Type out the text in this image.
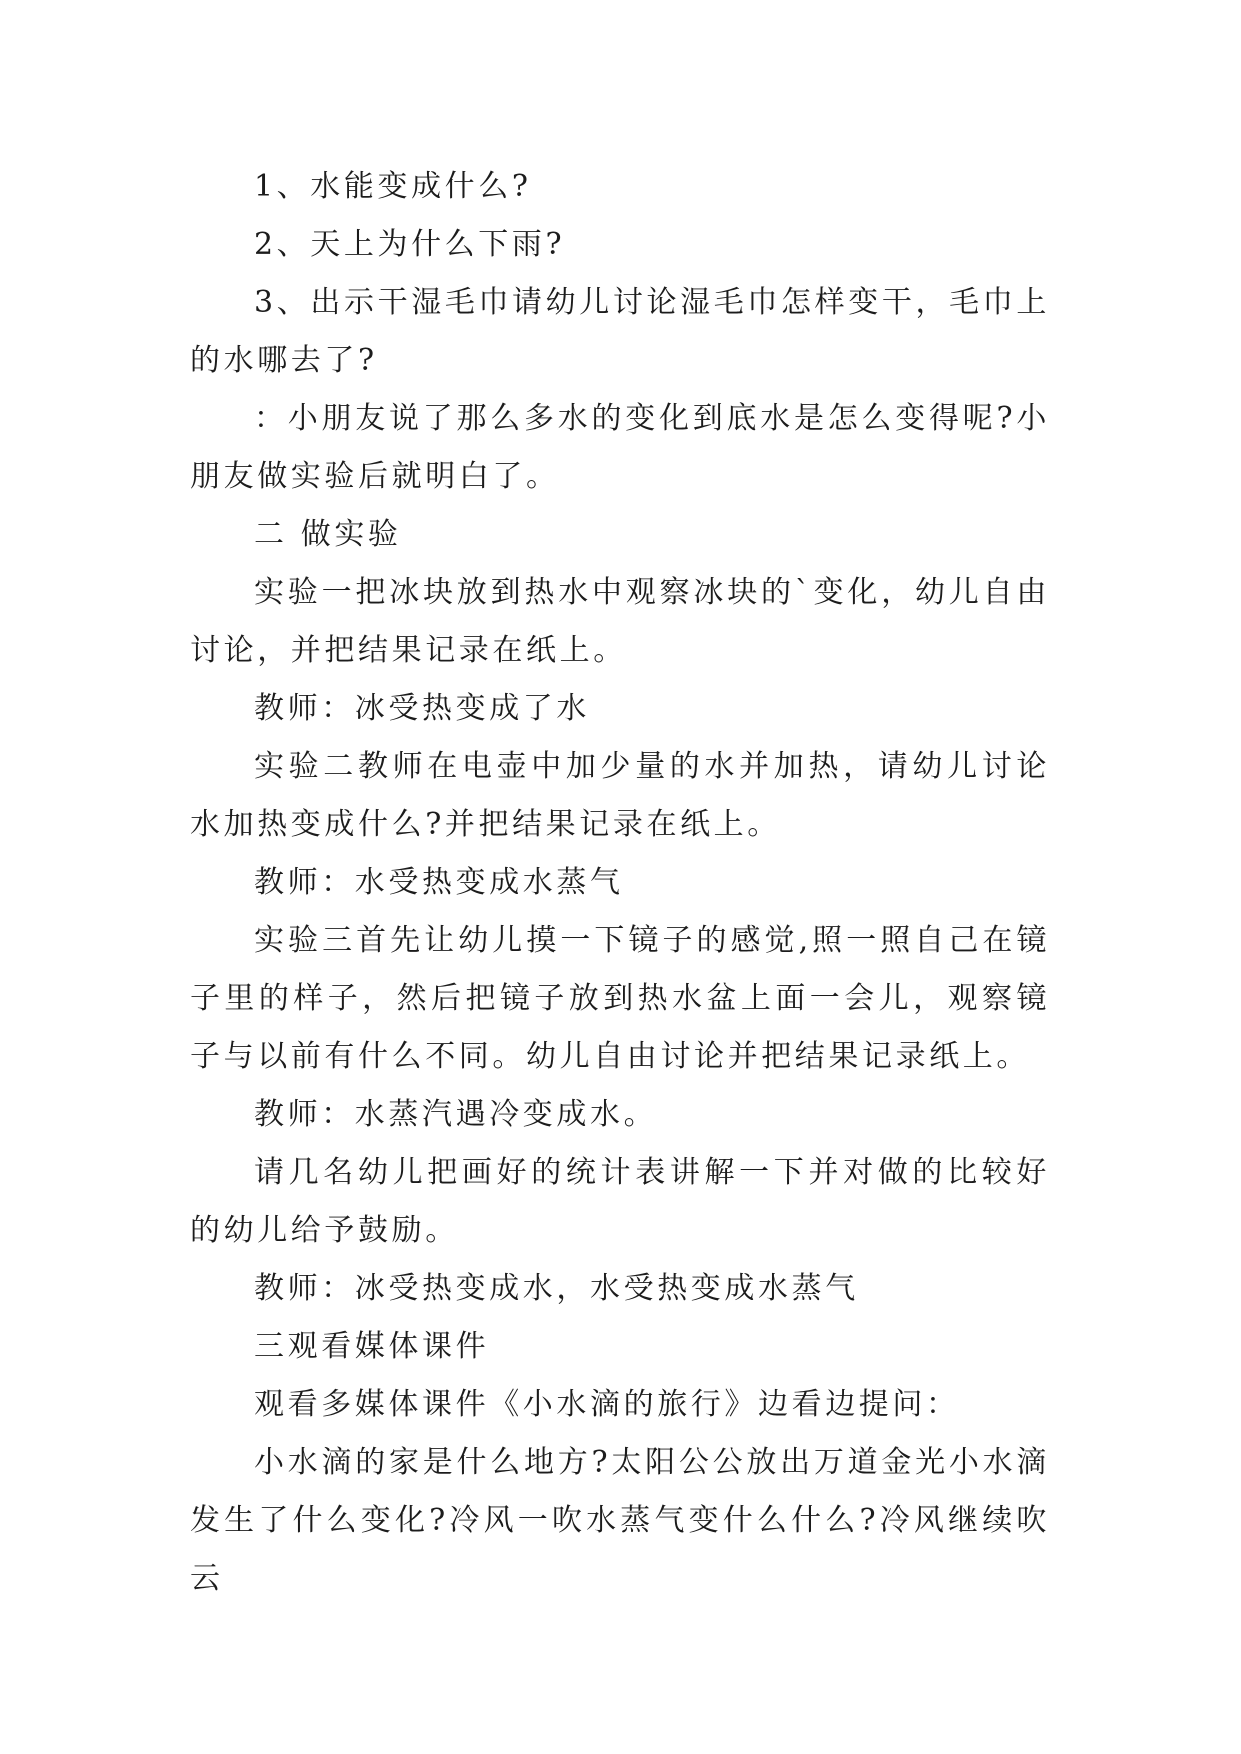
1、水能变成什么?

2、天上为什么下雨?

3、出示干湿毛巾请幼儿讨论湿毛巾怎样变干，毛巾上的水哪去了?

：小朋友说了那么多水的变化到底水是怎么变得呢?小朋友做实验后就明白了。

二 做实验

实验一把冰块放到热水中观察冰块的`变化，幼儿自由讨论，并把结果记录在纸上。

教师：冰受热变成了水

实验二教师在电壶中加少量的水并加热，请幼儿讨论水加热变成什么?并把结果记录在纸上。

教师：水受热变成水蒸气

实验三首先让幼儿摸一下镜子的感觉,照一照自己在镜子里的样子，然后把镜子放到热水盆上面一会儿，观察镜子与以前有什么不同。幼儿自由讨论并把结果记录纸上。

教师：水蒸汽遇冷变成水。

请几名幼儿把画好的统计表讲解一下并对做的比较好的幼儿给予鼓励。

教师：冰受热变成水，水受热变成水蒸气

三观看媒体课件

观看多媒体课件《小水滴的旅行》边看边提问：

小水滴的家是什么地方?太阳公公放出万道金光小水滴发生了什么变化?冷风一吹水蒸气变什么什么?冷风继续吹云
